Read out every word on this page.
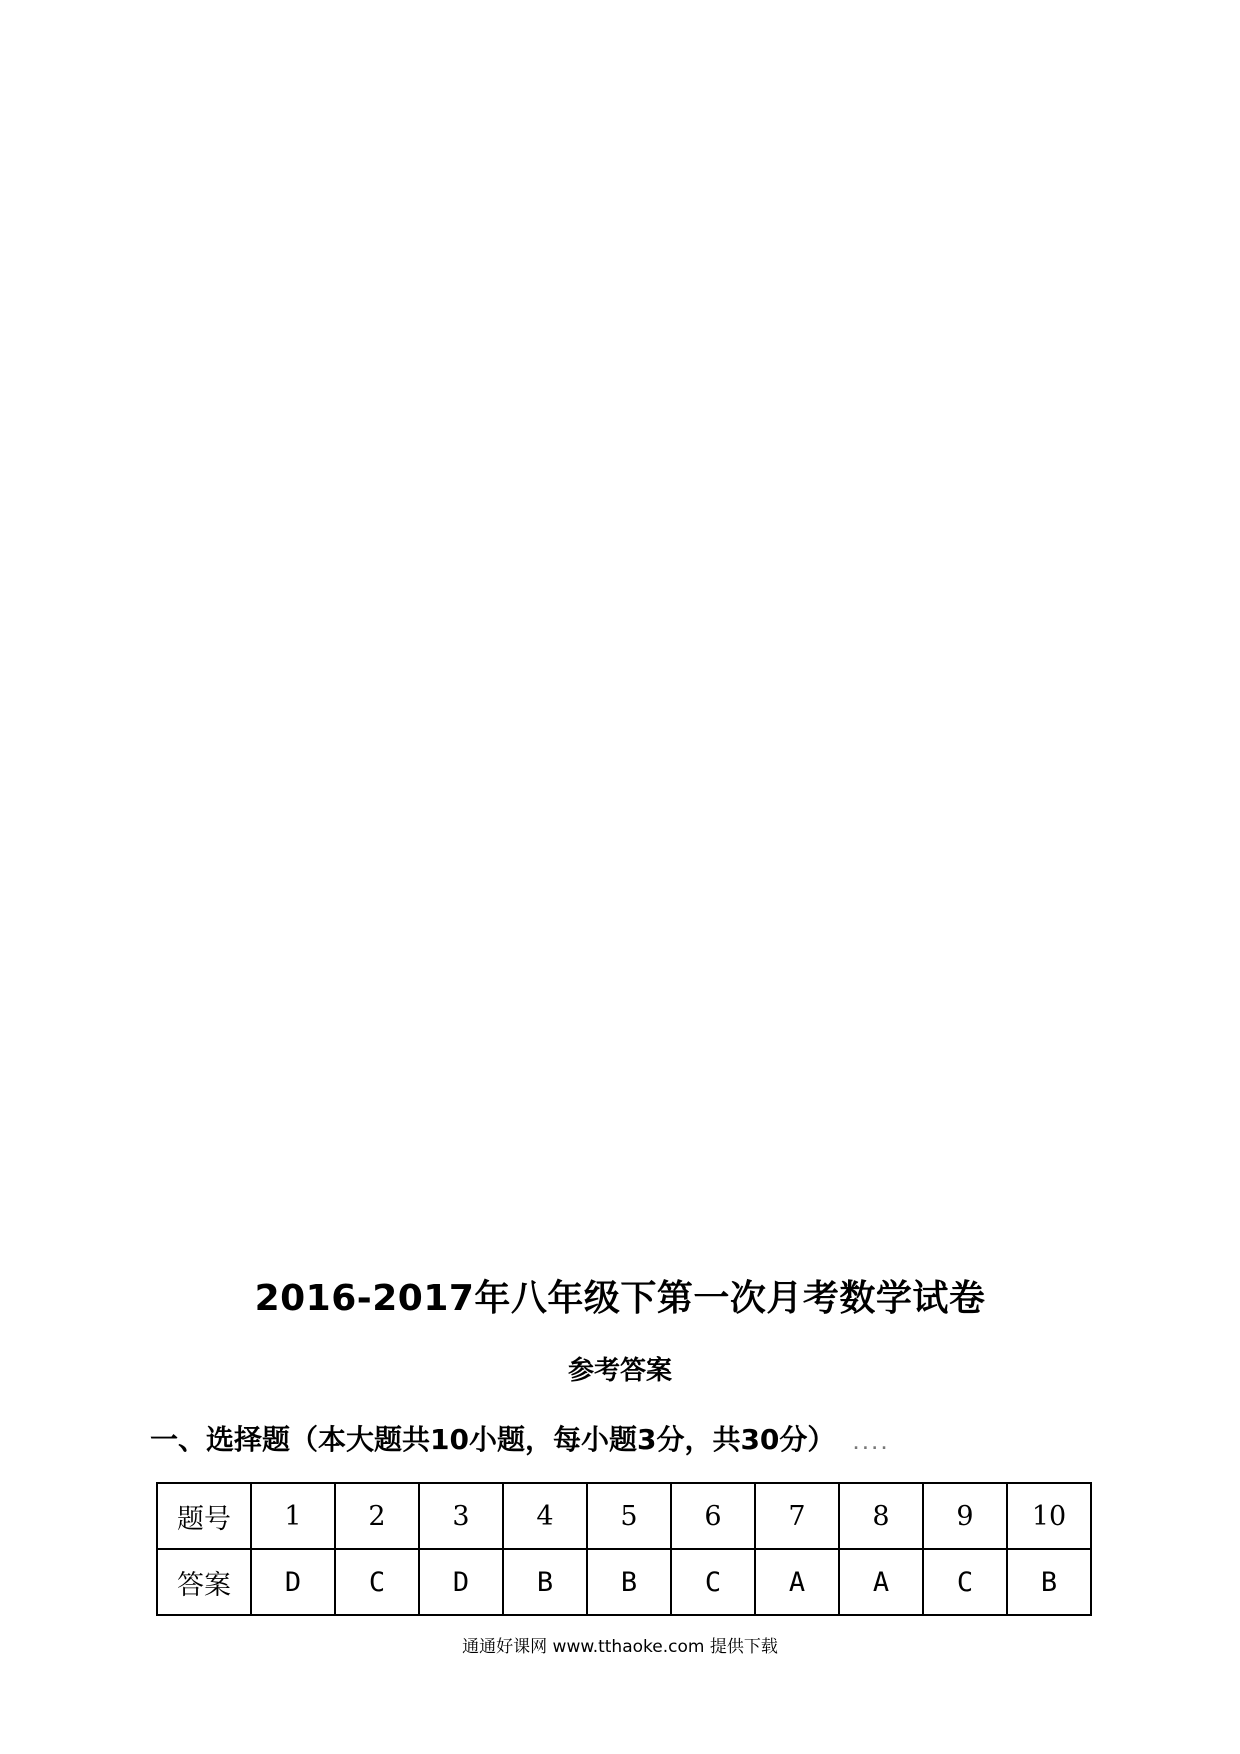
2016-2017年八年级下第一次月考数学试卷
参考答案
一、选择题（本大题共10小题，每小题3分，共30分） ....
题号	1	2	3	4	5	6	7	8	9	10
答案	D	C	D	B	B	C	A	A	C	B
通通好课网 www.tthaoke.com 提供下载
